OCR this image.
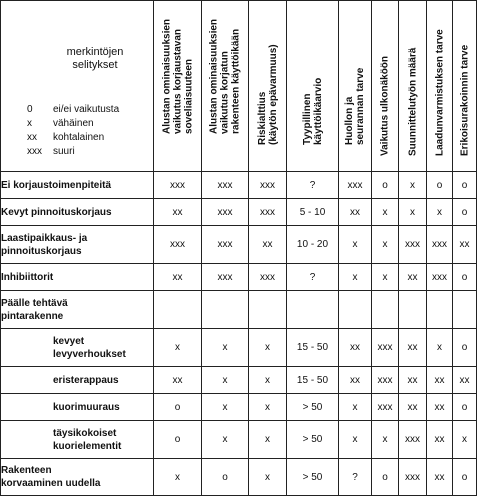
	Alustan ominaisuuksien
vaikutus korjaustavan
soveliaisuuteen	Alustan ominaisuuksien
vaikutus korjatun
rakenteen käyttöikään	Riskialttius
(käytön epävarmuus)	Tyypillinen
käyttöikäarvio	Huollon ja
seurannan tarve	Vaikutus ulkonäköön	Suunnittelutyön määrä	Laadunvarmistuksen tarve	Erikoisurakoinnin tarve

Ei korjaustoimenpiteitä	xxx	xxx	xxx	?	xxx	o	x	o	o
Kevyt pinnoituskorjaus	xx	xxx	xxx	5 - 10	xx	x	x	x	o
Laastipaikkaus- ja
pinnoituskorjaus	xxx	xxx	xx	10 - 20	x	x	xxx	xxx	xx
Inhibiittorit	xx	xxx	xxx	?	x	x	xx	xxx	o
Päälle tehtävä
pintarakenne									
kevyet
levyverhoukset	x	x	x	15 - 50	xx	xxx	xx	x	o
eristerappaus	xx	x	x	15 - 50	xx	xxx	xx	xx	xx
kuorimuuraus	o	x	x	> 50	x	xxx	xx	xx	o
täysikokoiset
kuorielementit	o	x	x	> 50	x	x	xxx	xx	x
Rakenteen
korvaaminen uudella	x	o	x	> 50	?	o	xxx	xx	o
merkintöjen
selitykset
0	ei/ei vaikutusta
x	vähäinen
xx	kohtalainen
xxx	suuri
